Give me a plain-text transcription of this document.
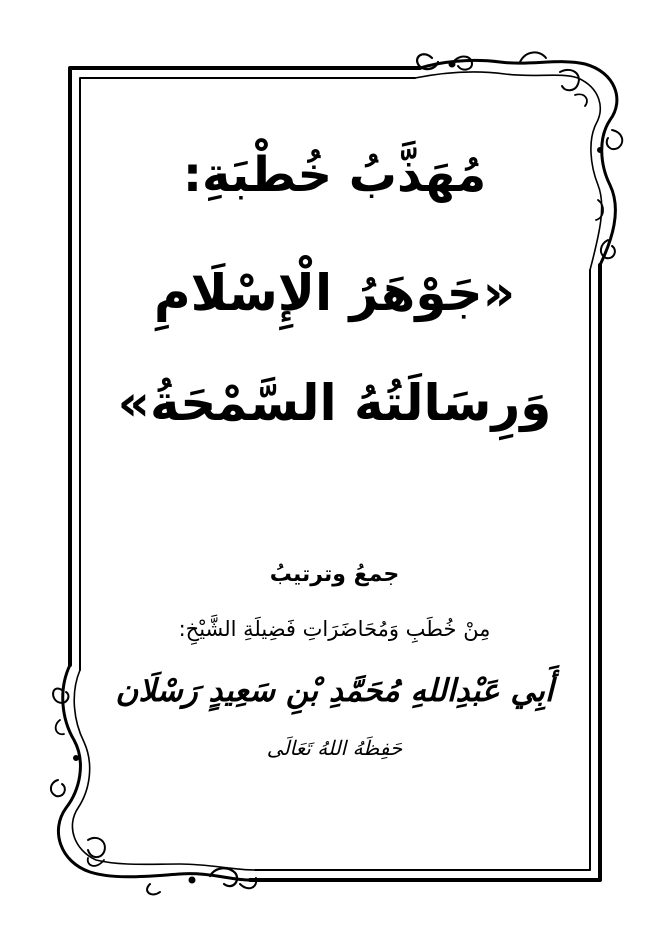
مُهَذَّبُ خُطْبَةِ:
«جَوْهَرُ الْإِسْلَامِ
وَرِسَالَتُهُ السَّمْحَةُ»
جمعُ وترتيبُ
مِنْ خُطَبِ وَمُحَاضَرَاتِ فَضِيلَةِ الشَّيْخِ:
أَبِي عَبْدِاللهِ مُحَمَّدِ بْنِ سَعِيدٍ رَسْلَان
حَفِظَهُ اللهُ تَعَالَى
